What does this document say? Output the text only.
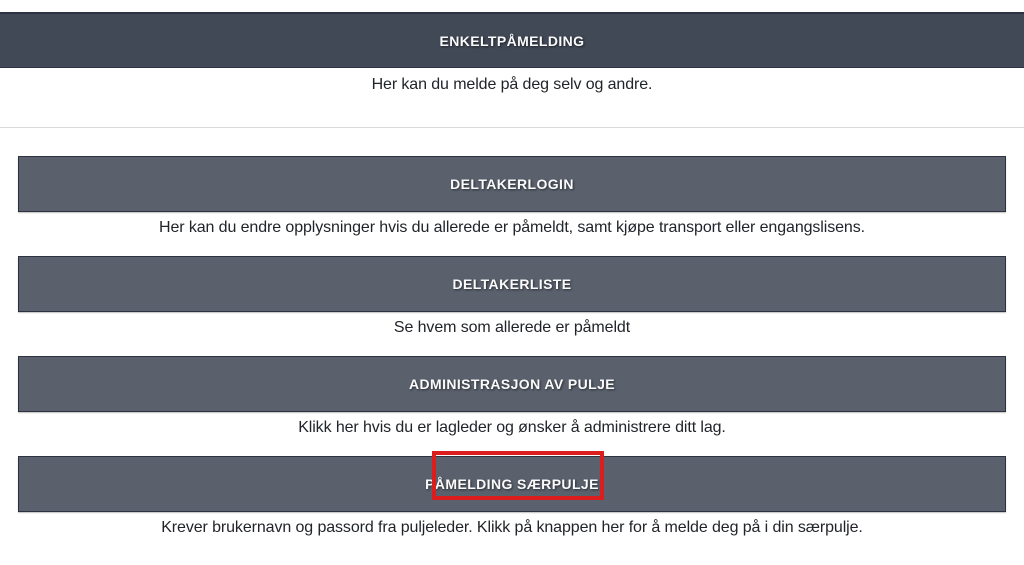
ENKELTPÅMELDING

Her kan du melde på deg selv og andre.

DELTAKERLOGIN

Her kan du endre opplysninger hvis du allerede er påmeldt, samt kjøpe transport eller engangslisens.

DELTAKERLISTE

Se hvem som allerede er påmeldt

ADMINISTRASJON AV PULJE

Klikk her hvis du er lagleder og ønsker å administrere ditt lag.

PÅMELDING SÆRPULJE

Krever brukernavn og passord fra puljeleder. Klikk på knappen her for å melde deg på i din særpulje.
